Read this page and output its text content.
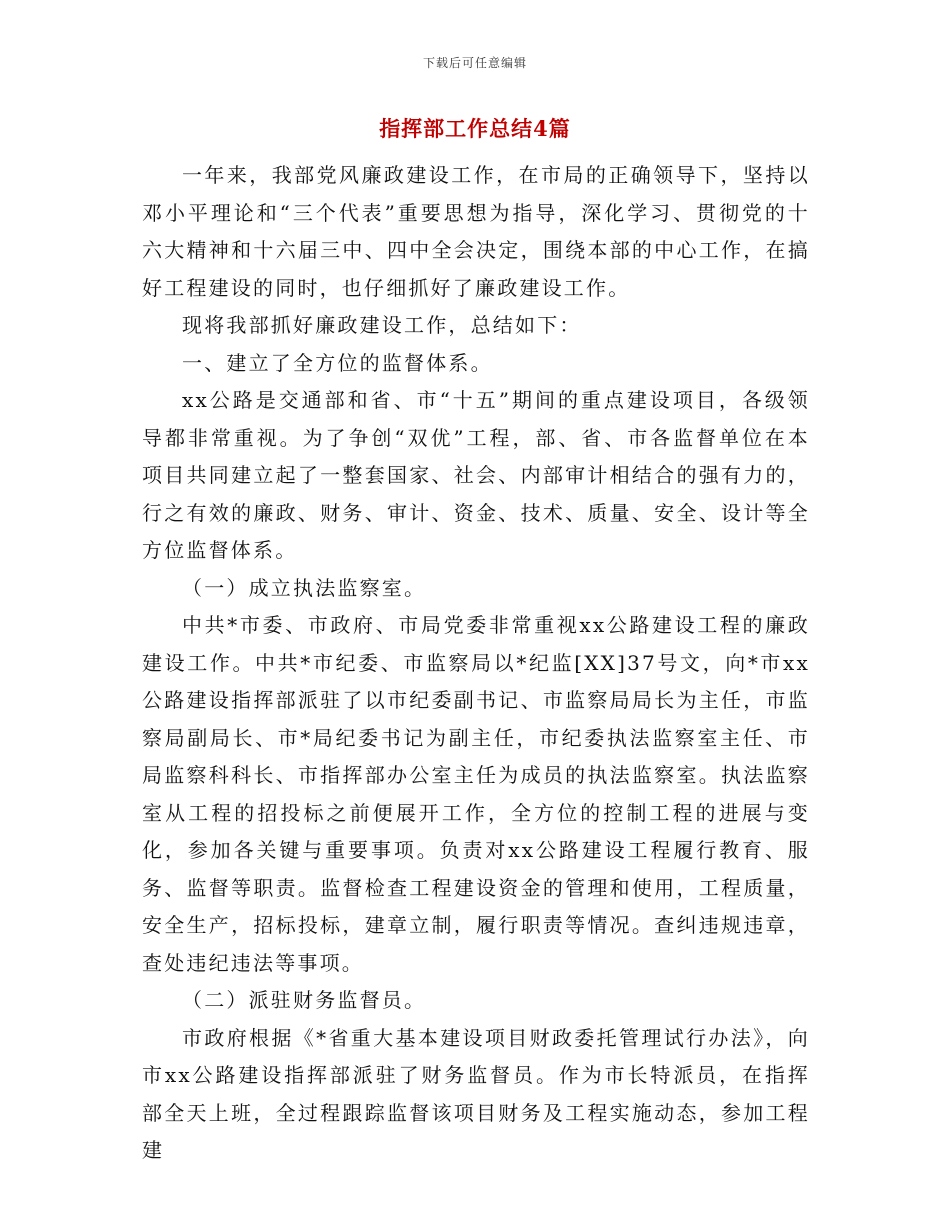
下载后可任意编辑
指挥部工作总结4篇

一年来，我部党风廉政建设工作，在市局的正确领导下，坚持以邓小平理论和“三个代表”重要思想为指导，深化学习、贯彻党的十六大精神和十六届三中、四中全会决定，围绕本部的中心工作，在搞好工程建设的同时，也仔细抓好了廉政建设工作。

现将我部抓好廉政建设工作，总结如下：

一、建立了全方位的监督体系。

xx公路是交通部和省、市“十五”期间的重点建设项目，各级领导都非常重视。为了争创“双优”工程，部、省、市各监督单位在本项目共同建立起了一整套国家、社会、内部审计相结合的强有力的，行之有效的廉政、财务、审计、资金、技术、质量、安全、设计等全方位监督体系。

（一）成立执法监察室。

中共*市委、市政府、市局党委非常重视xx公路建设工程的廉政建设工作。中共*市纪委、市监察局以*纪监[XX]37号文，向*市xx公路建设指挥部派驻了以市纪委副书记、市监察局局长为主任，市监察局副局长、市*局纪委书记为副主任，市纪委执法监察室主任、市局监察科科长、市指挥部办公室主任为成员的执法监察室。执法监察室从工程的招投标之前便展开工作，全方位的控制工程的进展与变化，参加各关键与重要事项。负责对xx公路建设工程履行教育、服务、监督等职责。监督检查工程建设资金的管理和使用，工程质量，安全生产，招标投标，建章立制，履行职责等情况。查纠违规违章，查处违纪违法等事项。

（二）派驻财务监督员。

市政府根据《*省重大基本建设项目财政委托管理试行办法》，向市xx公路建设指挥部派驻了财务监督员。作为市长特派员，在指挥部全天上班，全过程跟踪监督该项目财务及工程实施动态，参加工程建
